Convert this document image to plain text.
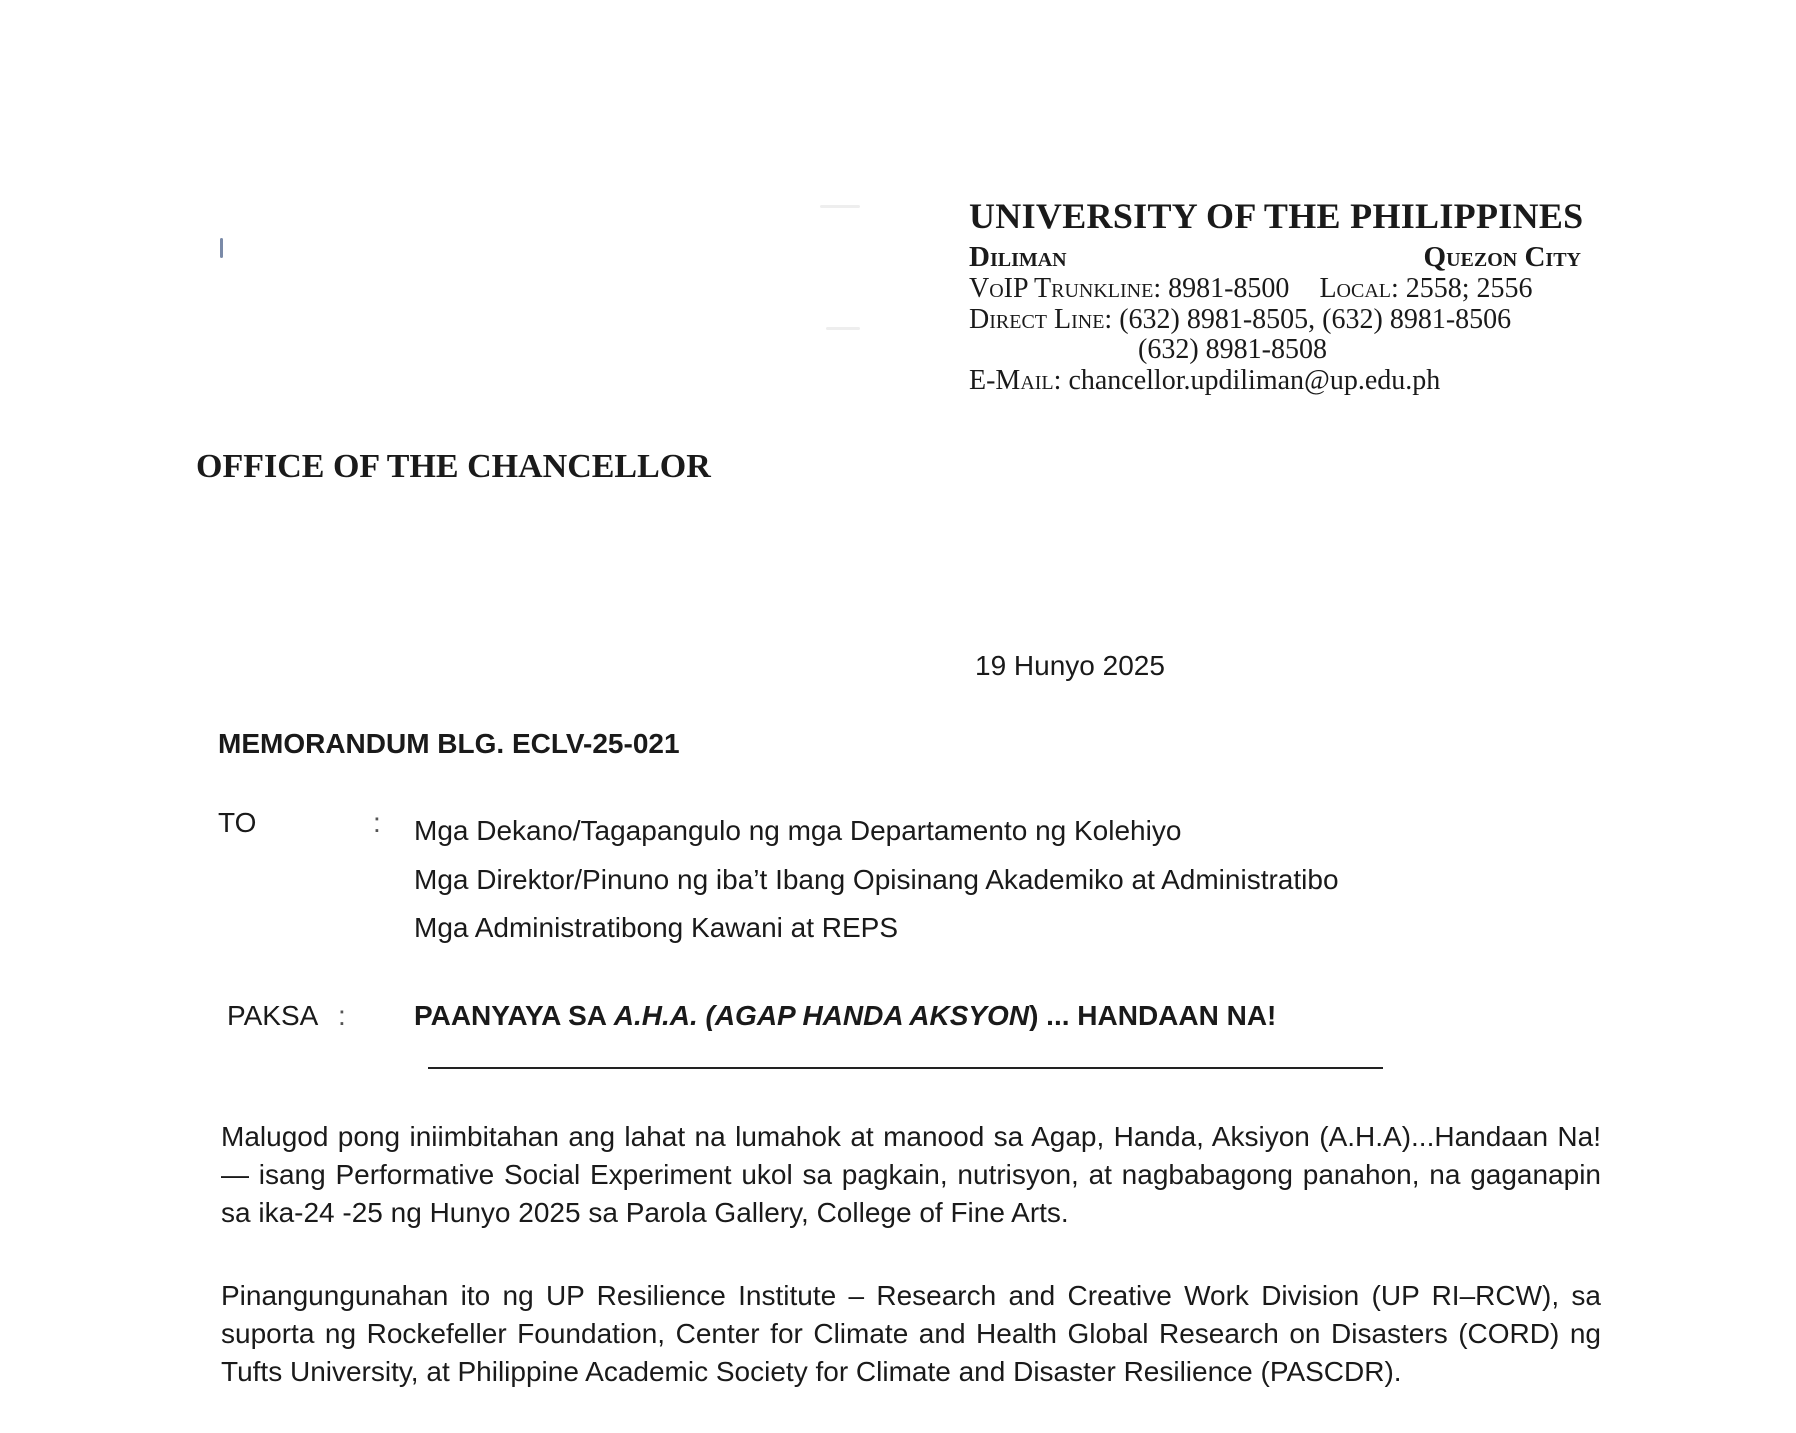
UNIVERSITY OF THE PHILIPPINES
Diliman	Quezon City
VoIP Trunkline: 8981-8500 Local: 2558; 2556
Direct Line: (632) 8981-8505, (632) 8981-8506
(632) 8981-8508
E-Mail: chancellor.updiliman@up.edu.ph
OFFICE OF THE CHANCELLOR
19 Hunyo 2025
MEMORANDUM BLG. ECLV-25-021
TO	: Mga Dekano/Tagapangulo ng mga Departamento ng Kolehiyo
Mga Direktor/Pinuno ng iba’t Ibang Opisinang Akademiko at Administratibo
Mga Administratibong Kawani at REPS
PAKSA : PAANYAYA SA A.H.A. (AGAP HANDA AKSYON) ... HANDAAN NA!
Malugod pong iniimbitahan ang lahat na lumahok at manood sa Agap, Handa, Aksiyon (A.H.A)...Handaan Na! — isang Performative Social Experiment ukol sa pagkain, nutrisyon, at nagbabagong panahon, na gaganapin sa ika-24 -25 ng Hunyo 2025 sa Parola Gallery, College of Fine Arts.
Pinangungunahan ito ng UP Resilience Institute – Research and Creative Work Division (UP RI–RCW), sa suporta ng Rockefeller Foundation, Center for Climate and Health Global Research on Disasters (CORD) ng Tufts University, at Philippine Academic Society for Climate and Disaster Resilience (PASCDR).
